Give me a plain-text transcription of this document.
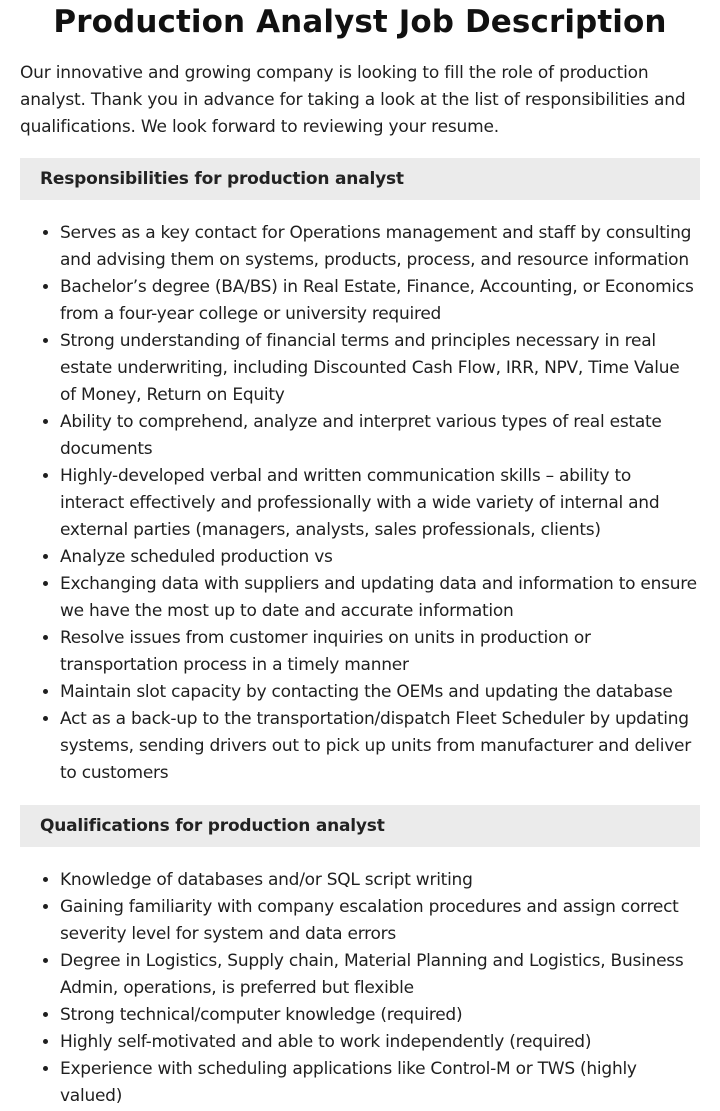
Production Analyst Job Description

Our innovative and growing company is looking to fill the role of production analyst. Thank you in advance for taking a look at the list of responsibilities and qualifications. We look forward to reviewing your resume.

Responsibilities for production analyst
• Serves as a key contact for Operations management and staff by consulting and advising them on systems, products, process, and resource information
• Bachelor’s degree (BA/BS) in Real Estate, Finance, Accounting, or Economics from a four-year college or university required
• Strong understanding of financial terms and principles necessary in real estate underwriting, including Discounted Cash Flow, IRR, NPV, Time Value of Money, Return on Equity
• Ability to comprehend, analyze and interpret various types of real estate documents
• Highly-developed verbal and written communication skills – ability to interact effectively and professionally with a wide variety of internal and external parties (managers, analysts, sales professionals, clients)
• Analyze scheduled production vs
• Exchanging data with suppliers and updating data and information to ensure we have the most up to date and accurate information
• Resolve issues from customer inquiries on units in production or transportation process in a timely manner
• Maintain slot capacity by contacting the OEMs and updating the database
• Act as a back-up to the transportation/dispatch Fleet Scheduler by updating systems, sending drivers out to pick up units from manufacturer and deliver to customers
Qualifications for production analyst
• Knowledge of databases and/or SQL script writing
• Gaining familiarity with company escalation procedures and assign correct severity level for system and data errors
• Degree in Logistics, Supply chain, Material Planning and Logistics, Business Admin, operations, is preferred but flexible
• Strong technical/computer knowledge (required)
• Highly self-motivated and able to work independently (required)
• Experience with scheduling applications like Control-M or TWS (highly valued)
